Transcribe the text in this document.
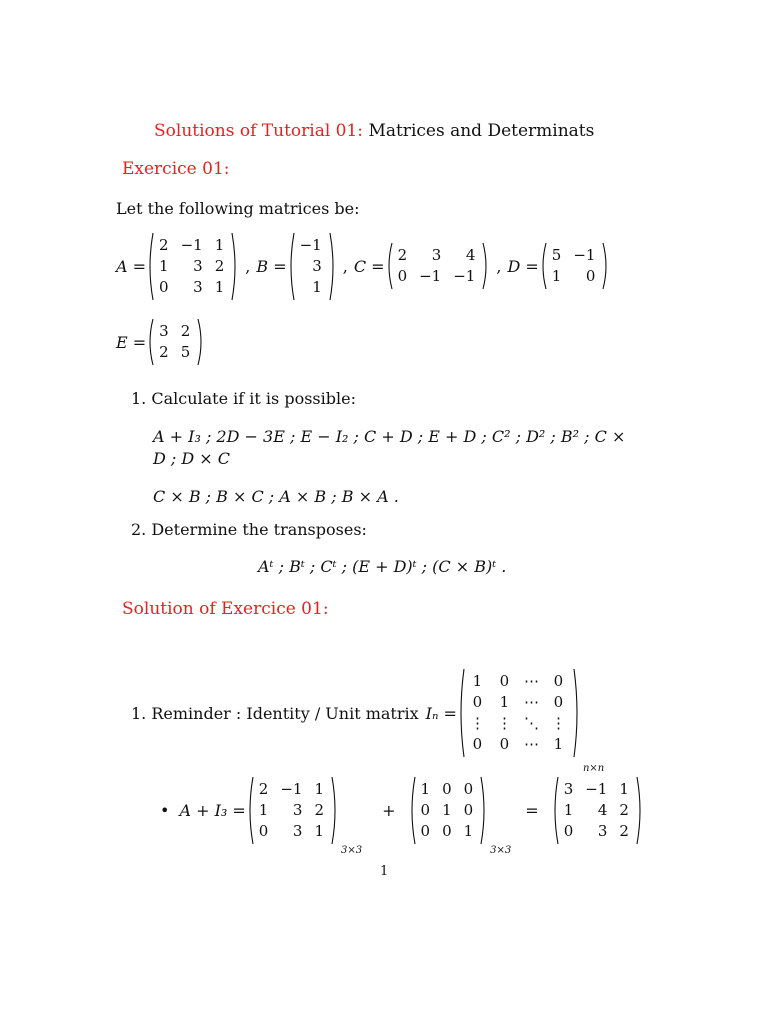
Solutions of Tutorial 01: Matrices and Determinats
Exercice 01:
Let the following matrices be:
A =
2	−1	1
1	3	2
0	3	1
, B =
−1
3
1
, C =
2	3	4
0	−1	−1
, D =
5	−1
1	0
E =
3	2
2	5
1. Calculate if it is possible:
A + I₃ ; 2D − 3E ; E − I₂ ; C + D ; E + D ; C² ; D² ; B² ; C ×
D ; D × C
C × B ; B × C ; A × B ; B × A .
2. Determine the transposes:
Aᵗ ; Bᵗ ; Cᵗ ; (E + D)ᵗ ; (C × B)ᵗ .
Solution of Exercice 01:
1. Reminder : Identity / Unit matrix Iₙ =
1	0	⋯	0
0	1	⋯	0
⋮	⋮	⋱	⋮
0	0	⋯	1
n×n
• A + I₃ =
2	−1	1
1	3	2
0	3	1
3×3
+
1	0	0
0	1	0
0	0	1
3×3
=
3	−1	1
1	4	2
0	3	2
1
